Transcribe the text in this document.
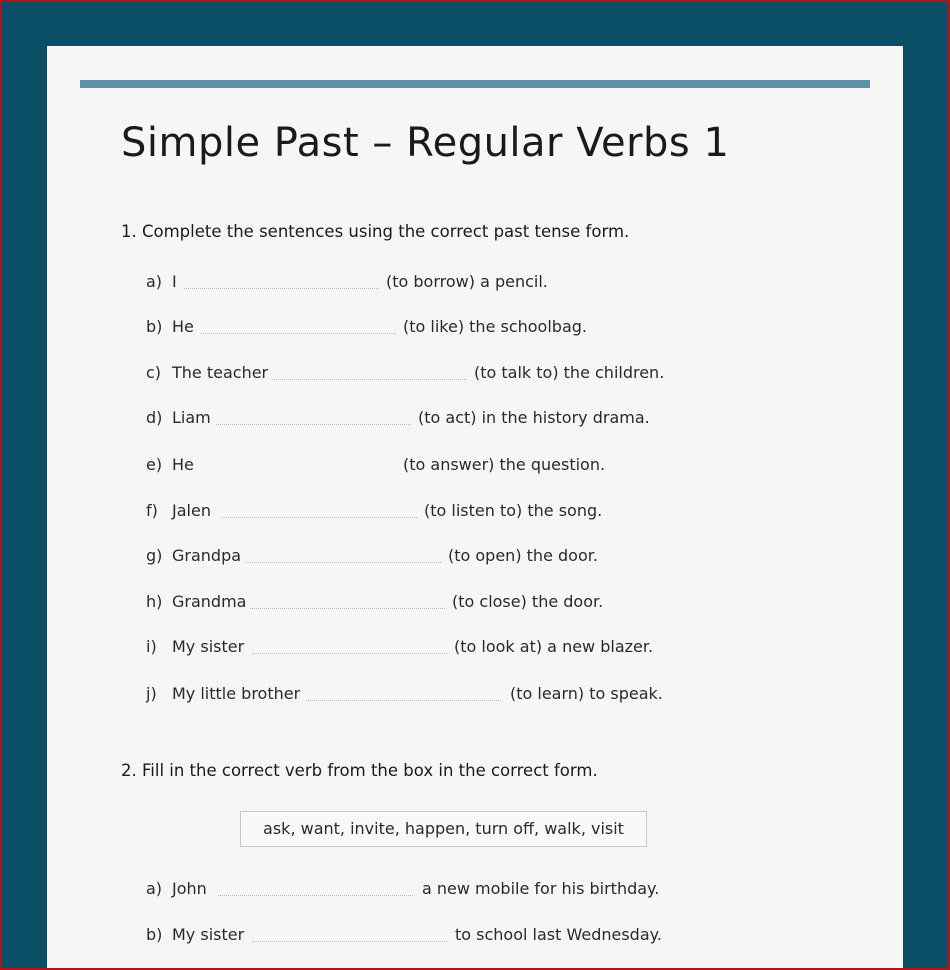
Simple Past – Regular Verbs 1
1. Complete the sentences using the correct past tense form.
a) I	(to borrow) a pencil.
b) He	(to like) the schoolbag.
c) The teacher	(to talk to) the children.
d) Liam	(to act) in the history drama.
e) He	(to answer) the question.
f) Jalen	(to listen to) the song.
g) Grandpa	(to open) the door.
h) Grandma	(to close) the door.
i) My sister	(to look at) a new blazer.
j) My little brother	(to learn) to speak.
2. Fill in the correct verb from the box in the correct form.
ask, want, invite, happen, turn off, walk, visit
a) John	a new mobile for his birthday.
b) My sister	to school last Wednesday.
